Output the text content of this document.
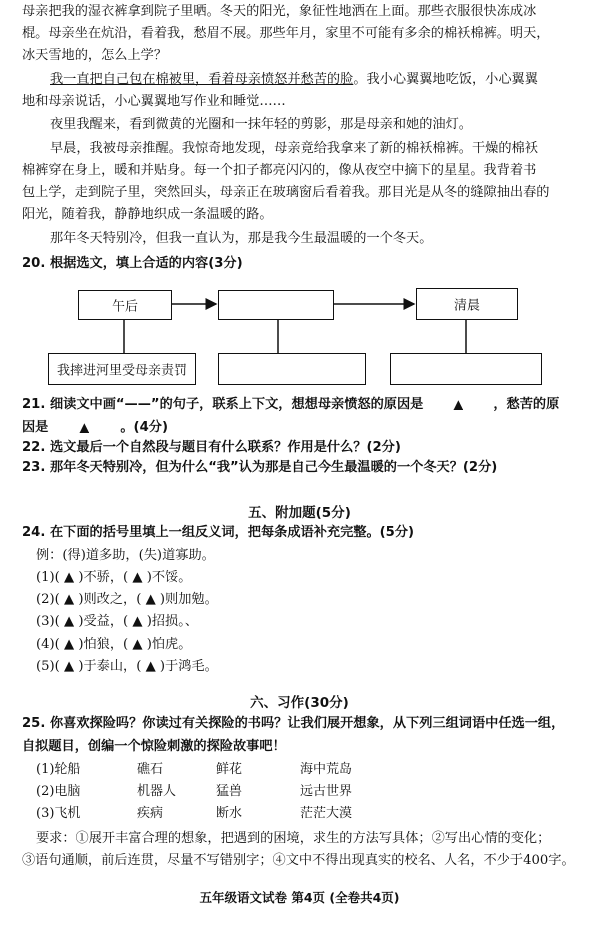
母亲把我的湿衣裤拿到院子里晒。冬天的阳光，象征性地洒在上面。那些衣服很快冻成冰
棍。母亲坐在炕沿，看着我，愁眉不展。那些年月，家里不可能有多余的棉袄棉裤。明天，
冰天雪地的，怎么上学？
我一直把自己包在棉被里，看着母亲愤怒并愁苦的脸。我小心翼翼地吃饭，小心翼翼
地和母亲说话，小心翼翼地写作业和睡觉……
夜里我醒来，看到微黄的光圈和一抹年轻的剪影，那是母亲和她的油灯。
早晨，我被母亲推醒。我惊奇地发现，母亲竟给我拿来了新的棉袄棉裤。干燥的棉袄
棉裤穿在身上，暖和并贴身。每一个扣子都亮闪闪的，像从夜空中摘下的星星。我背着书
包上学，走到院子里，突然回头，母亲正在玻璃窗后看着我。那目光是从冬的缝隙抽出春的
阳光，随着我，静静地织成一条温暖的路。
那年冬天特别冷，但我一直认为，那是我今生最温暖的一个冬天。
20. 根据选文，填上合适的内容(3分)
午后	清晨
我摔进河里受母亲责罚
21. 细读文中画“——”的句子，联系上下文，想想母亲愤怒的原因是	▲ ，愁苦的原
因是	▲ 。(4分)
22. 选文最后一个自然段与题目有什么联系？作用是什么？(2分)
23. 那年冬天特别冷，但为什么“我”认为那是自己今生最温暖的一个冬天？(2分)
五、附加题(5分)
24. 在下面的括号里填上一组反义词，把每条成语补充完整。(5分)
例：(得)道多助，(失)道寡助。
(1)( ▲ )不骄，( ▲ )不馁。
(2)( ▲ )则改之，( ▲ )则加勉。
(3)( ▲ )受益，( ▲ )招损。、
(4)( ▲ )怕狼，( ▲ )怕虎。
(5)( ▲ )于泰山，( ▲ )于鸿毛。
六、习作(30分)
25. 你喜欢探险吗？你读过有关探险的书吗？让我们展开想象，从下列三组词语中任选一组，
自拟题目，创编一个惊险刺激的探险故事吧！
(1)轮船	礁石	鲜花	海中荒岛
(2)电脑	机器人	猛兽	远古世界
(3)飞机	疾病	断水	茫茫大漠
要求：①展开丰富合理的想象，把遇到的困境，求生的方法写具体；②写出心情的变化；
③语句通顺，前后连贯，尽量不写错别字；④文中不得出现真实的校名、人名，不少于400字。
五年级语文试卷 第4页 (全卷共4页)
